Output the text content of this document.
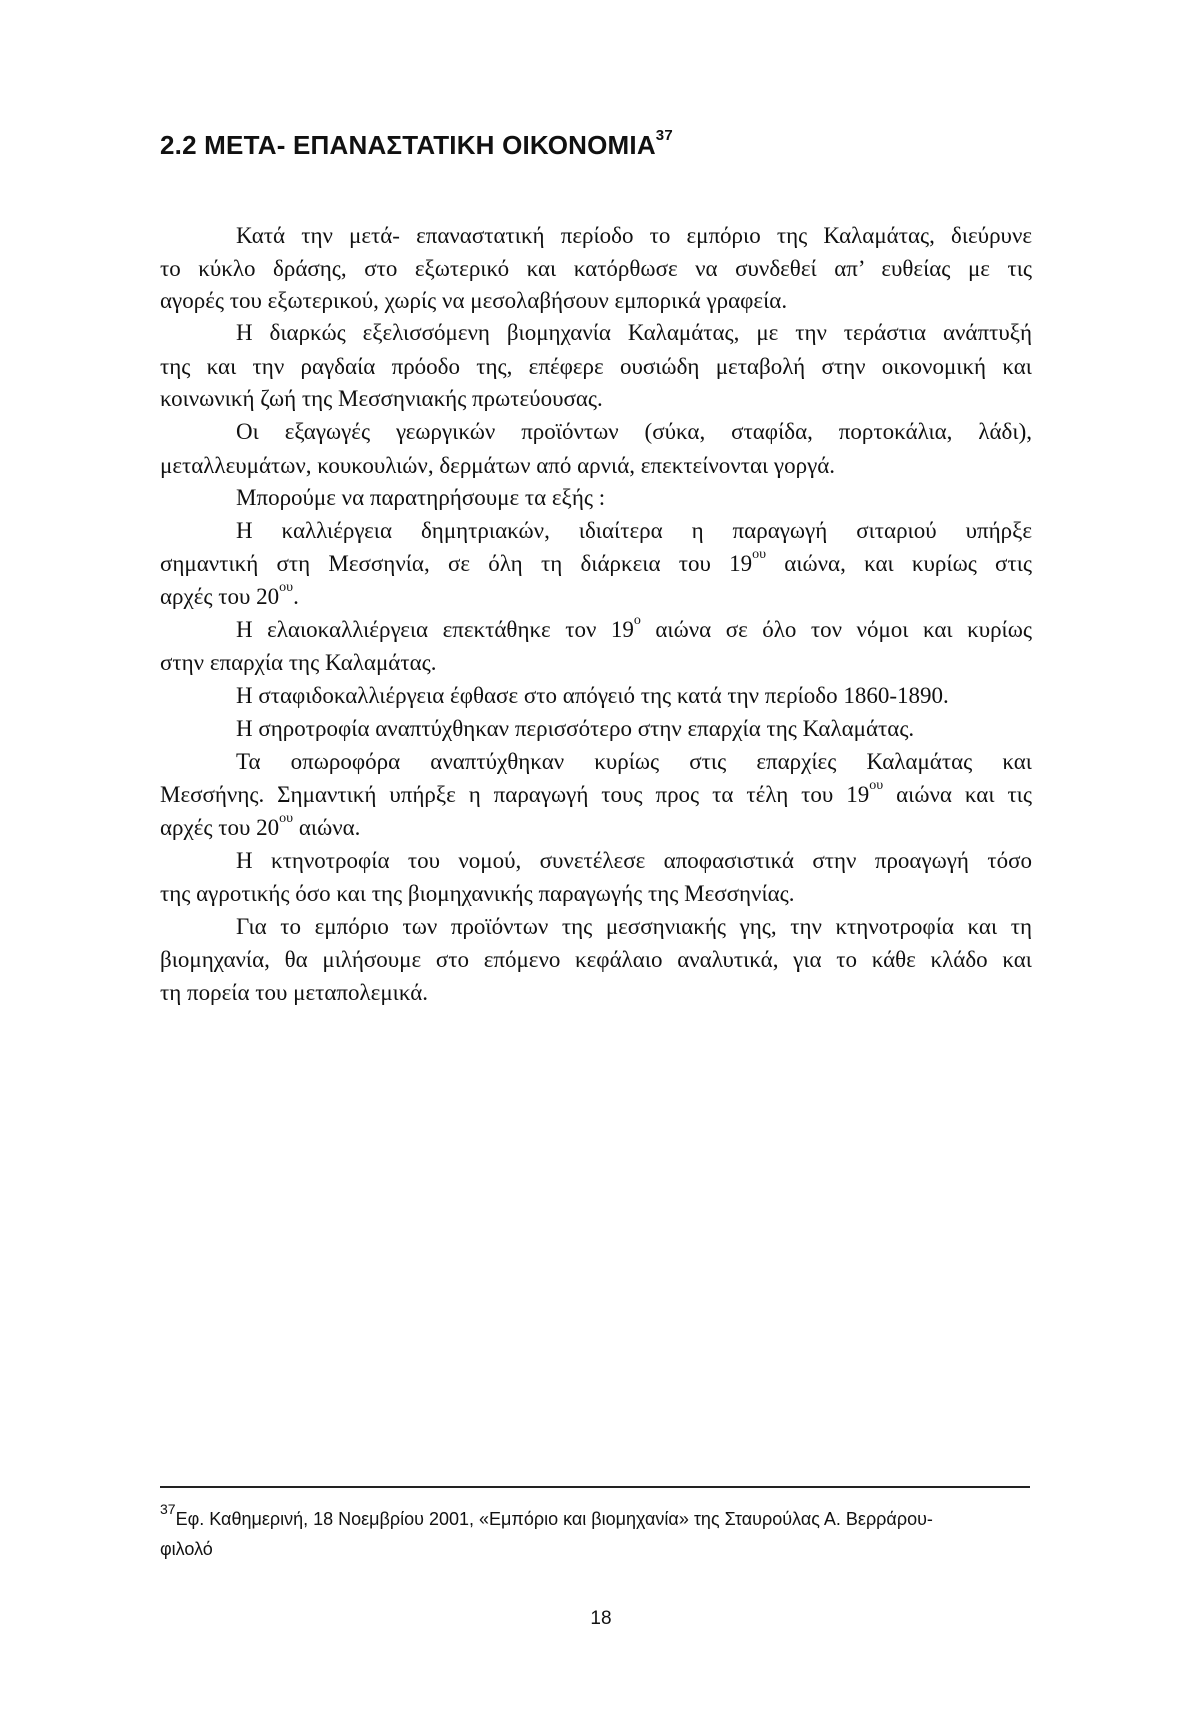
2.2 ΜΕΤΑ- ΕΠΑΝΑΣΤΑΤΙΚΗ ΟΙΚΟΝΟΜΙΑ$^{37}$
Κατά την μετά- επαναστατική περίοδο το εμπόριο της Καλαμάτας, διεύρυνε
το κύκλο δράσης, στο εξωτερικό και κατόρθωσε να συνδεθεί απ’ ευθείας με τις
αγορές του εξωτερικού, χωρίς να μεσολαβήσουν εμπορικά γραφεία.
Η διαρκώς εξελισσόμενη βιομηχανία Καλαμάτας, με την τεράστια ανάπτυξή
της και την ραγδαία πρόοδο της, επέφερε ουσιώδη μεταβολή στην οικονομική και
κοινωνική ζωή της Μεσσηνιακής πρωτεύουσας.
Οι εξαγωγές γεωργικών προϊόντων (σύκα, σταφίδα, πορτοκάλια, λάδι),
μεταλλευμάτων, κουκουλιών, δερμάτων από αρνιά, επεκτείνονται γοργά.
Μπορούμε να παρατηρήσουμε τα εξής :
Η καλλιέργεια δημητριακών, ιδιαίτερα η παραγωγή σιταριού υπήρξε
σημαντική στη Μεσσηνία, σε όλη τη διάρκεια του $19^{o\upsilon}$ αιώνα, και κυρίως στις
αρχές του $20^{o\upsilon}$.
Η ελαιοκαλλιέργεια επεκτάθηκε τον $19^o$ αιώνα σε όλο τον νόμοι και κυρίως
στην επαρχία της Καλαμάτας.
Η σταφιδοκαλλιέργεια έφθασε στο απόγειό της κατά την περίοδο 1860-1890.
Η σηροτροφία αναπτύχθηκαν περισσότερο στην επαρχία της Καλαμάτας.
Τα οπωροφόρα αναπτύχθηκαν κυρίως στις επαρχίες Καλαμάτας και
Μεσσήνης. Σημαντική υπήρξε η παραγωγή τους προς τα τέλη του $19^{o\upsilon}$ αιώνα και τις
αρχές του $20^{o\upsilon}$ αιώνα.
Η κτηνοτροφία του νομού, συνετέλεσε αποφασιστικά στην προαγωγή τόσο
της αγροτικής όσο και της βιομηχανικής παραγωγής της Μεσσηνίας.
Για το εμπόριο των προϊόντων της μεσσηνιακής γης, την κτηνοτροφία και τη
βιομηχανία, θα μιλήσουμε στο επόμενο κεφάλαιο αναλυτικά, για το κάθε κλάδο και
τη πορεία του μεταπολεμικά.
$^{37}$Εφ. Καθημερινή, 18 Νοεμβρίου 2001, «Εμπόριο και βιομηχανία» της Σταυρούλας Α. Βερράρου-
φιλολό
18
